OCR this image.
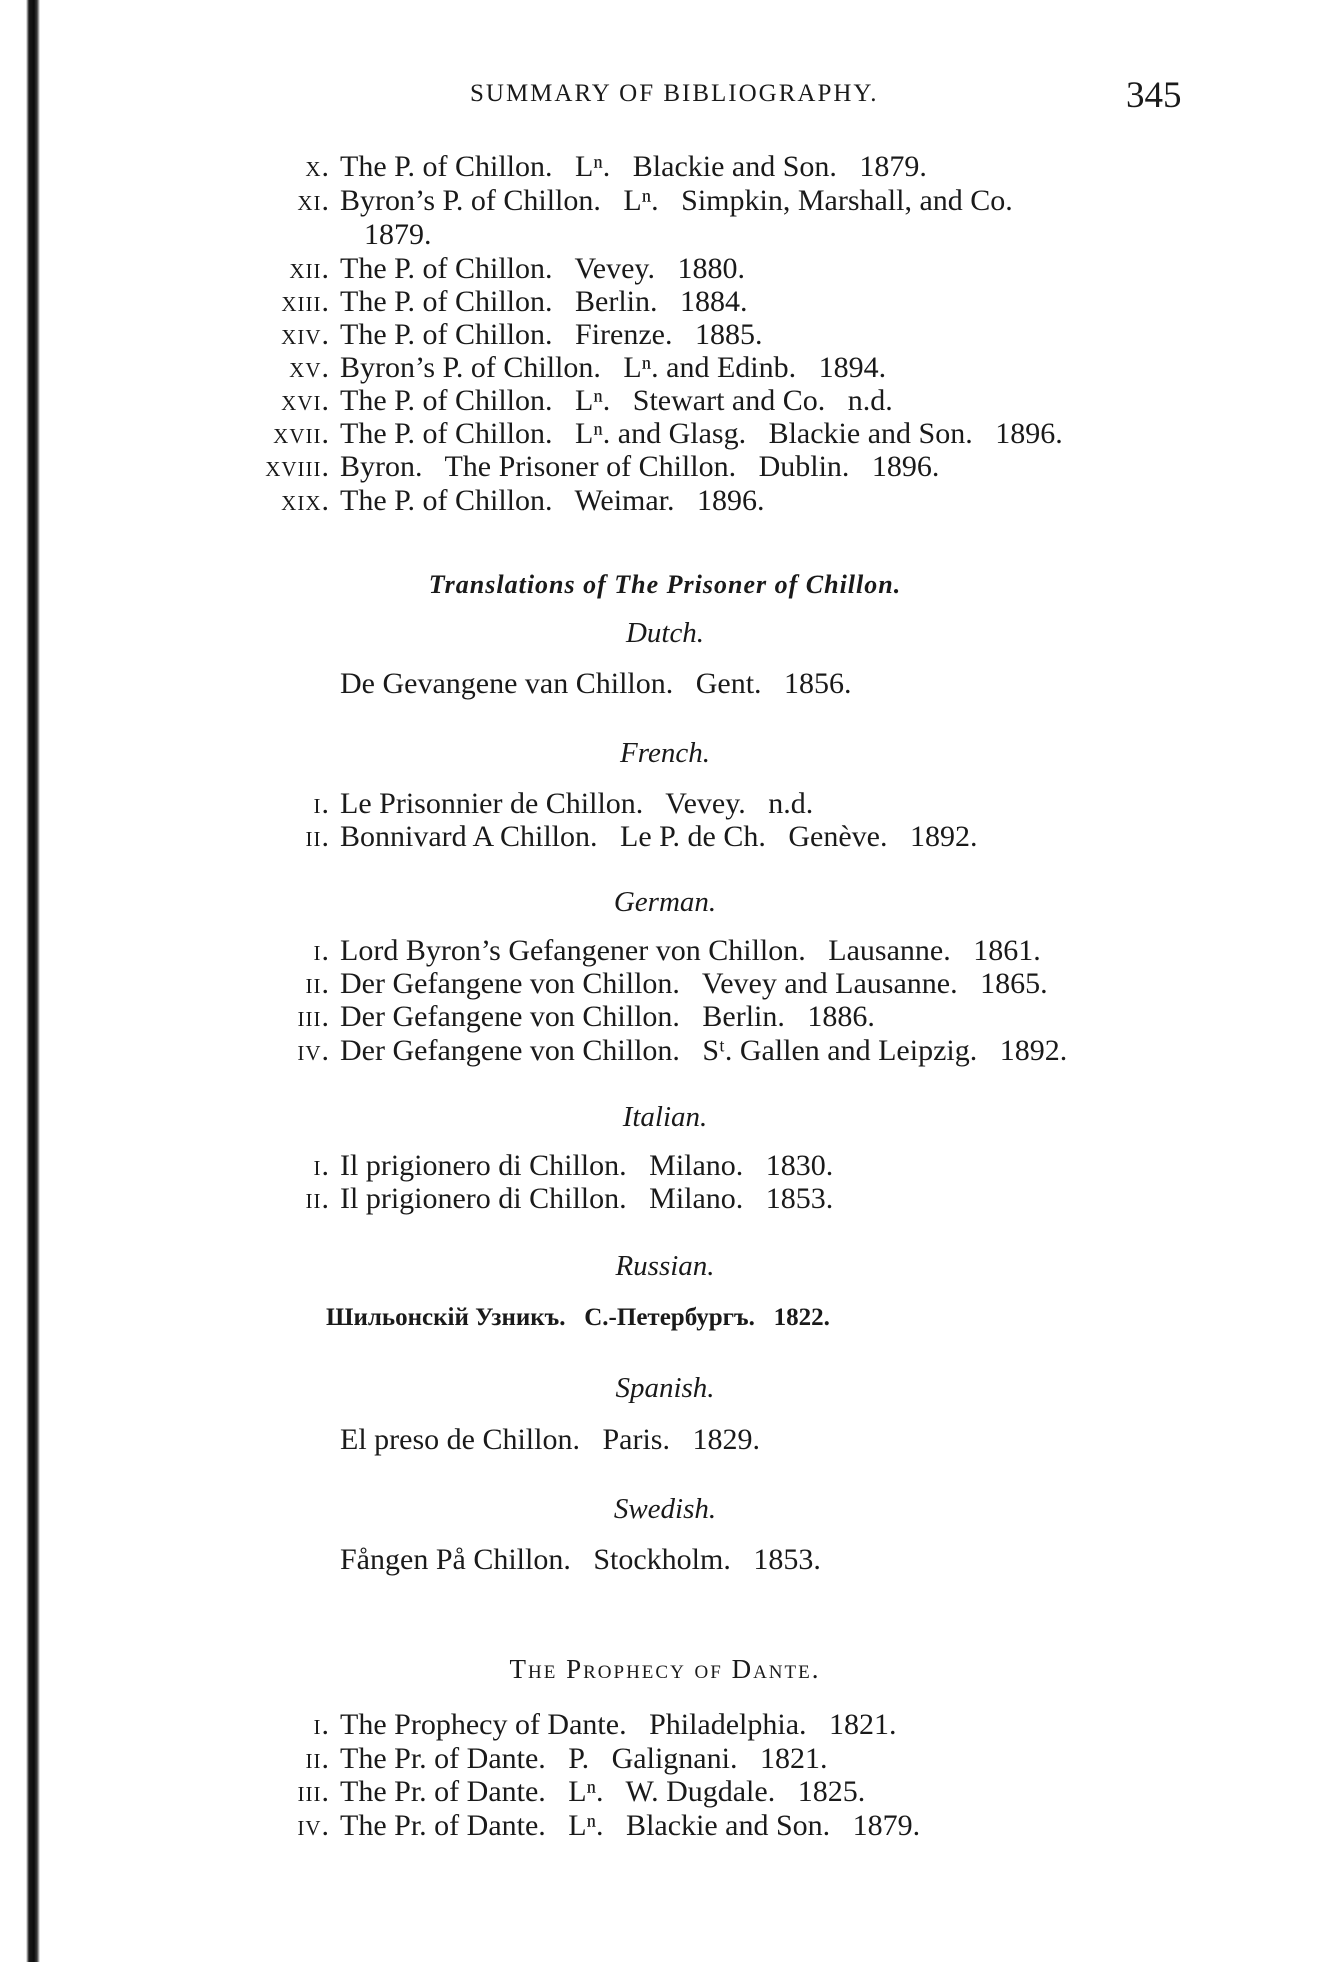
SUMMARY OF BIBLIOGRAPHY.	345
x. The P. of Chillon.   Lⁿ.   Blackie and Son.   1879.
xi. Byron’s P. of Chillon.   Lⁿ.   Simpkin, Marshall, and Co.
1879.
xii. The P. of Chillon.   Vevey.   1880.
xiii. The P. of Chillon.   Berlin.   1884.
xiv. The P. of Chillon.   Firenze.   1885.
xv. Byron’s P. of Chillon.   Lⁿ. and Edinb.   1894.
xvi. The P. of Chillon.   Lⁿ.   Stewart and Co.   n.d.
xvii. The P. of Chillon.   Lⁿ. and Glasg.   Blackie and Son.   1896.
xviii. Byron.   The Prisoner of Chillon.   Dublin.   1896.
xix. The P. of Chillon.   Weimar.   1896.
Translations of The Prisoner of Chillon.
Dutch.
De Gevangene van Chillon.   Gent.   1856.
French.
i. Le Prisonnier de Chillon.   Vevey.   n.d.
ii. Bonnivard A Chillon.   Le P. de Ch.   Genève.   1892.
German.
i. Lord Byron’s Gefangener von Chillon.   Lausanne.   1861.
ii. Der Gefangene von Chillon.   Vevey and Lausanne.   1865.
iii. Der Gefangene von Chillon.   Berlin.   1886.
iv. Der Gefangene von Chillon.   Sᵗ. Gallen and Leipzig.   1892.
Italian.
i. Il prigionero di Chillon.   Milano.   1830.
ii. Il prigionero di Chillon.   Milano.   1853.
Russian.
Шильонскій Узникъ.   С.-Петербургъ.   1822.
Spanish.
El preso de Chillon.   Paris.   1829.
Swedish.
Fången På Chillon.   Stockholm.   1853.
The Prophecy of Dante.
i. The Prophecy of Dante.   Philadelphia.   1821.
ii. The Pr. of Dante.   P.   Galignani.   1821.
iii. The Pr. of Dante.   Lⁿ.   W. Dugdale.   1825.
iv. The Pr. of Dante.   Lⁿ.   Blackie and Son.   1879.
